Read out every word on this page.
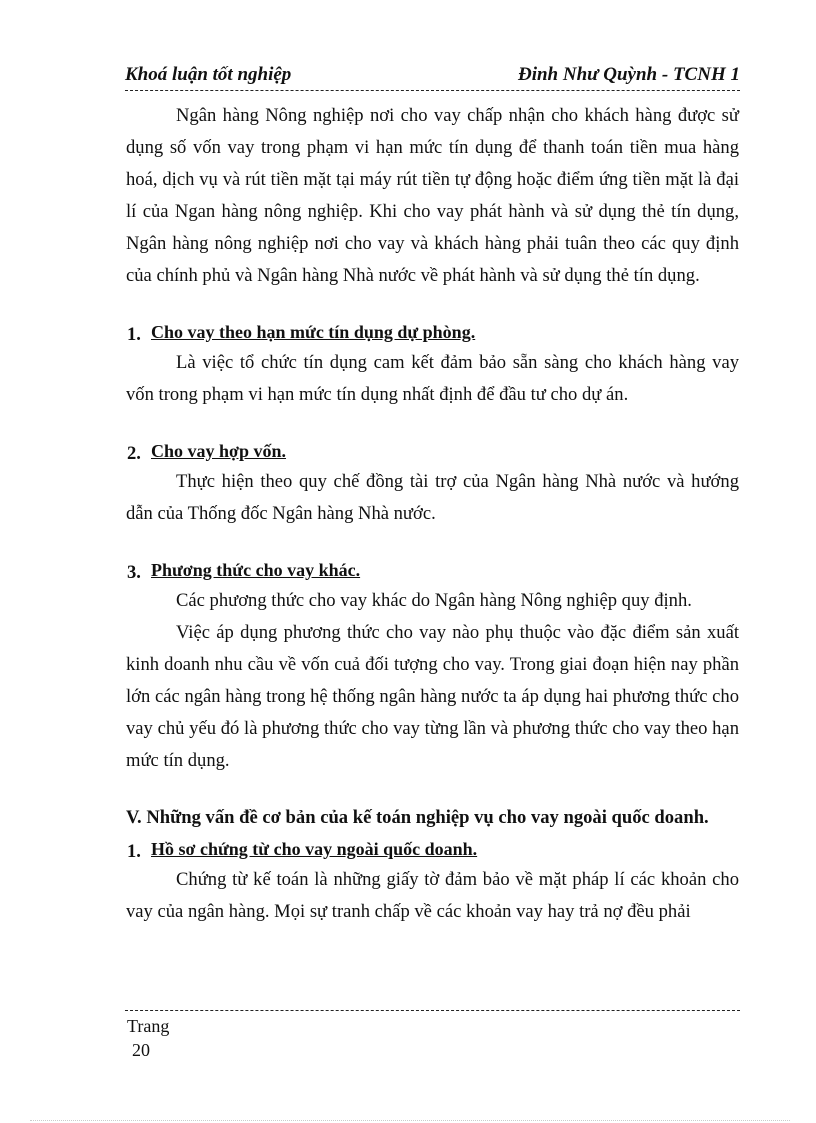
Khoá luận tốt nghiệp	Đinh Như Quỳnh - TCNH 1

Ngân hàng Nông nghiệp nơi cho vay chấp nhận cho khách hàng được sử dụng số vốn vay trong phạm vi hạn mức tín dụng để thanh toán tiền mua hàng hoá, dịch vụ và rút tiền mặt tại máy rút tiền tự động hoặc điểm ứng tiền mặt là đại lí của Ngan hàng nông nghiệp. Khi cho vay phát hành và sử dụng thẻ tín dụng, Ngân hàng nông nghiệp nơi cho vay và khách hàng phải tuân theo các quy định của chính phủ và Ngân hàng Nhà nước về phát hành và sử dụng thẻ tín dụng.

1. Cho vay theo hạn mức tín dụng dự phòng.

Là việc tổ chức tín dụng cam kết đảm bảo sẵn sàng cho khách hàng vay vốn trong phạm vi hạn mức tín dụng nhất định để đầu tư cho dự án.

2. Cho vay hợp vốn.

Thực hiện theo quy chế đồng tài trợ của Ngân hàng Nhà nước và hướng dẫn của Thống đốc Ngân hàng Nhà nước.

3. Phương thức cho vay khác.

Các phương thức cho vay khác do Ngân hàng Nông nghiệp quy định.

Việc áp dụng phương thức cho vay nào phụ thuộc vào đặc điểm sản xuất kinh doanh nhu cầu về vốn cuả đối tượng cho vay. Trong giai đoạn hiện nay phần lớn các ngân hàng trong hệ thống ngân hàng nước ta áp dụng hai phương thức cho vay chủ yếu đó là phương thức cho vay từng lần và phương thức cho vay theo hạn mức tín dụng.

V. Những vấn đề cơ bản của kế toán nghiệp vụ cho vay ngoài quốc doanh.

1. Hồ sơ chứng từ cho vay ngoài quốc doanh.

Chứng từ kế toán là những giấy tờ đảm bảo về mặt pháp lí các khoản cho vay của ngân hàng. Mọi sự tranh chấp về các khoản vay hay trả nợ đều phải

Trang
20
